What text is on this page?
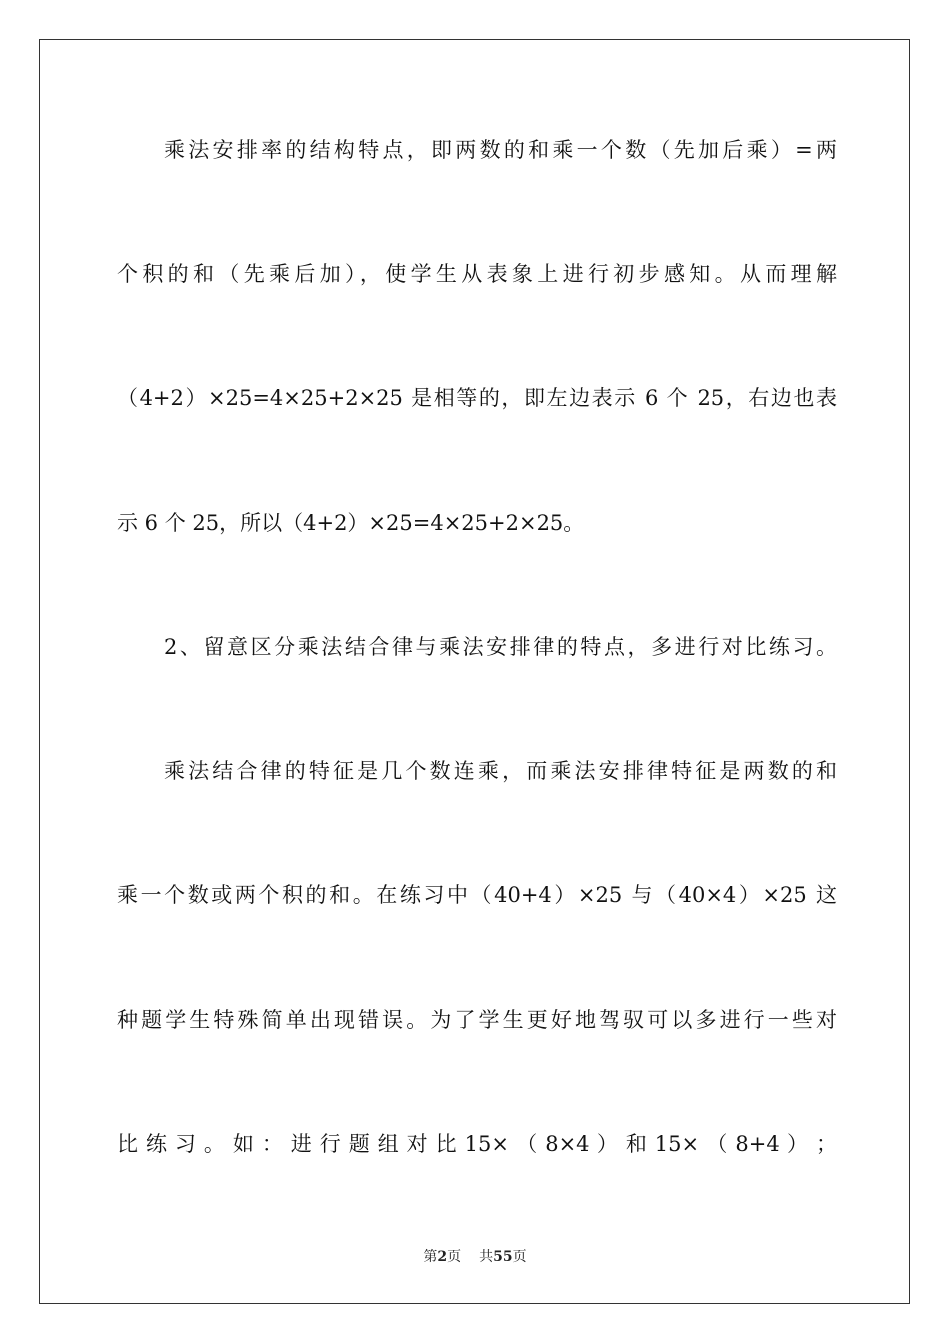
乘法安排率的结构特点，即两数的和乘一个数（先加后乘）=两
个积的和（先乘后加），使学生从表象上进行初步感知。从而理解
（4+2）×25=4×25+2×25 是相等的，即左边表示 6 个 25，右边也表
示 6 个 25，所以（4+2）×25=4×25+2×25。
2、留意区分乘法结合律与乘法安排律的特点，多进行对比练习。
乘法结合律的特征是几个数连乘，而乘法安排律特征是两数的和
乘一个数或两个积的和。在练习中（40+4）×25 与（40×4）×25 这
种题学生特殊简单出现错误。为了学生更好地驾驭可以多进行一些对
比 练 习 。 如 ： 进 行 题 组 对 比 15× （ 8×4 ） 和 15× （ 8+4 ） ；
第2页 共55页
